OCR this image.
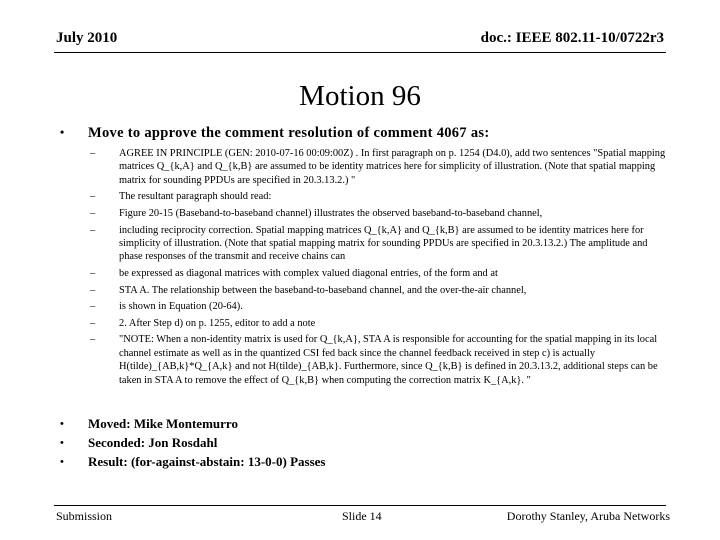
July 2010	doc.: IEEE 802.11-10/0722r3
Motion 96
• Move to approve the comment resolution of comment 4067 as:
– AGREE IN PRINCIPLE (GEN: 2010-07-16 00:09:00Z) . In first paragraph on p. 1254 (D4.0), add two sentences "Spatial mapping matrices Q_{k,A} and Q_{k,B} are assumed to be identity matrices here for simplicity of illustration. (Note that spatial mapping matrix for sounding PPDUs are specified in 20.3.13.2.) "
– The resultant paragraph should read:
– Figure 20-15 (Baseband-to-baseband channel) illustrates the observed baseband-to-baseband channel,
– including reciprocity correction. Spatial mapping matrices Q_{k,A} and Q_{k,B} are assumed to be identity matrices here for simplicity of illustration. (Note that spatial mapping matrix for sounding PPDUs are specified in 20.3.13.2.) The amplitude and phase responses of the transmit and receive chains can
– be expressed as diagonal matrices with complex valued diagonal entries, of the form and at
– STA A. The relationship between the baseband-to-baseband channel, and the over-the-air channel,
– is shown in Equation (20-64).
– 2. After Step d) on p. 1255, editor to add a note
– "NOTE: When a non-identity matrix is used for Q_{k,A}, STA A is responsible for accounting for the spatial mapping in its local channel estimate as well as in the quantized CSI fed back since the channel feedback received in step c) is actually H(tilde)_{AB,k}*Q_{A,k} and not H(tilde)_{AB,k}. Furthermore, since Q_{k,B} is defined in 20.3.13.2, additional steps can be taken in STA A to remove the effect of Q_{k,B} when computing the correction matrix K_{A,k}. "
• Moved: Mike Montemurro
• Seconded: Jon Rosdahl
• Result: (for-against-abstain: 13-0-0) Passes
Submission	Slide 14	Dorothy Stanley, Aruba Networks
